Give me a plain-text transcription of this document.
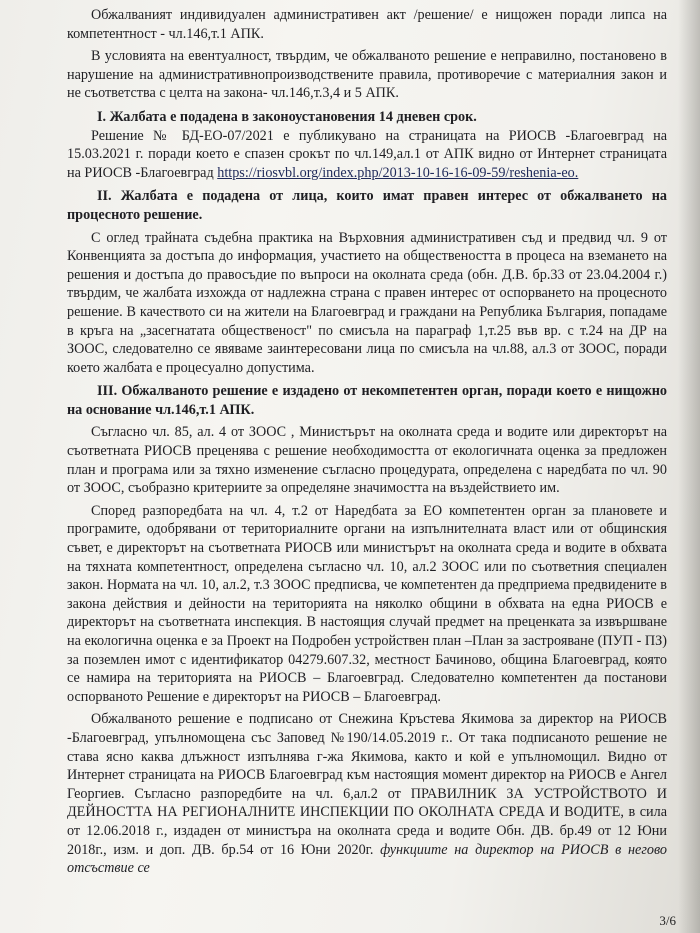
Обжалваният индивидуален административен акт /решение/ е нищожен поради липса на компетентност - чл.146,т.1 АПК.

В условията на евентуалност, твърдим, че обжалваното решение е неправилно, постановено в нарушение на административнопроизводствените правила, противоречие с материалния закон и не съответства с целта на закона- чл.146,т.3,4 и 5 АПК.

I. Жалбата е подадена в законоустановения 14 дневен срок.

Решение № БД-ЕО-07/2021 е публикувано на страницата на РИОСВ -Благоевград на 15.03.2021 г. поради което е спазен срокът по чл.149,ал.1 от АПК видно от Интернет страницата на РИОСВ -Благоевград https://riosvbl.org/index.php/2013-10-16-16-09-59/reshenia-eo.

II. Жалбата е подадена от лица, които имат правен интерес от обжалването на процесното решение.

С оглед трайната съдебна практика на Върховния административен съд и предвид чл. 9 от Конвенцията за достъпа до информация, участието на обществеността в процеса на вземането на решения и достъпа до правосъдие по въпроси на околната среда (обн. Д.В. бр.33 от 23.04.2004 г.) твърдим, че жалбата изхожда от надлежна страна с правен интерес от оспорването на процесното решение. В качеството си на жители на Благоевград и граждани на Република България, попадаме в кръга на „засегнатата общественост" по смисъла на параграф 1,т.25 във вр. с т.24 на ДР на ЗООС, следователно се явяваме заинтересовани лица по смисъла на чл.88, ал.3 от ЗООС, поради което жалбата е процесуално допустима.

III. Обжалваното решение е издадено от некомпетентен орган, поради което е нищожно на основание чл.146,т.1 АПК.

Съгласно чл. 85, ал. 4 от ЗООС , Министърът на околната среда и водите или директорът на съответната РИОСВ преценява с решение необходимостта от екологичната оценка за предложен план и програма или за тяхно изменение съгласно процедурата, определена с наредбата по чл. 90 от ЗООС, съобразно критериите за определяне значимостта на въздействието им.

Според разпоредбата на чл. 4, т.2 от Наредбата за ЕО компетентен орган за плановете и програмите, одобрявани от териториалните органи на изпълнителната власт или от общинския съвет, е директорът на съответната РИОСВ или министърът на околната среда и водите в обхвата на тяхната компетентност, определена съгласно чл. 10, ал.2 ЗООС или по съответния специален закон. Нормата на чл. 10, ал.2, т.3 ЗООС предписва, че компетентен да предприема предвидените в закона действия и дейности на територията на няколко общини в обхвата на една РИОСВ е директорът на съответната инспекция. В настоящия случай предмет на преценката за извършване на екологична оценка е за Проект на Подробен устройствен план –План за застрояване (ПУП - ПЗ) за поземлен имот с идентификатор 04279.607.32, местност Бачиново, община Благоевград, която се намира на територията на РИОСВ – Благоевград. Следователно компетентен да постанови оспорваното Решение е директорът на РИОСВ – Благоевград.

Обжалваното решение е подписано от Снежина Кръстева Якимова за директор на РИОСВ -Благоевград, упълномощена със Заповед №190/14.05.2019 г.. От така подписаното решение не става ясно каква длъжност изпълнява г-жа Якимова, както и кой е упълномощил. Видно от Интернет страницата на РИОСВ Благоевград към настоящия момент директор на РИОСВ е Ангел Георгиев. Съгласно разпоредбите на чл. 6,ал.2 от ПРАВИЛНИК ЗА УСТРОЙСТВОТО И ДЕЙНОСТТА НА РЕГИОНАЛНИТЕ ИНСПЕКЦИИ ПО ОКОЛНАТА СРЕДА И ВОДИТЕ, в сила от 12.06.2018 г., издаден от министъра на околната среда и водите Обн. ДВ. бр.49 от 12 Юни 2018г., изм. и доп. ДВ. бр.54 от 16 Юни 2020г. функциите на директор на РИОСВ в негово отсъствие се

3/6
